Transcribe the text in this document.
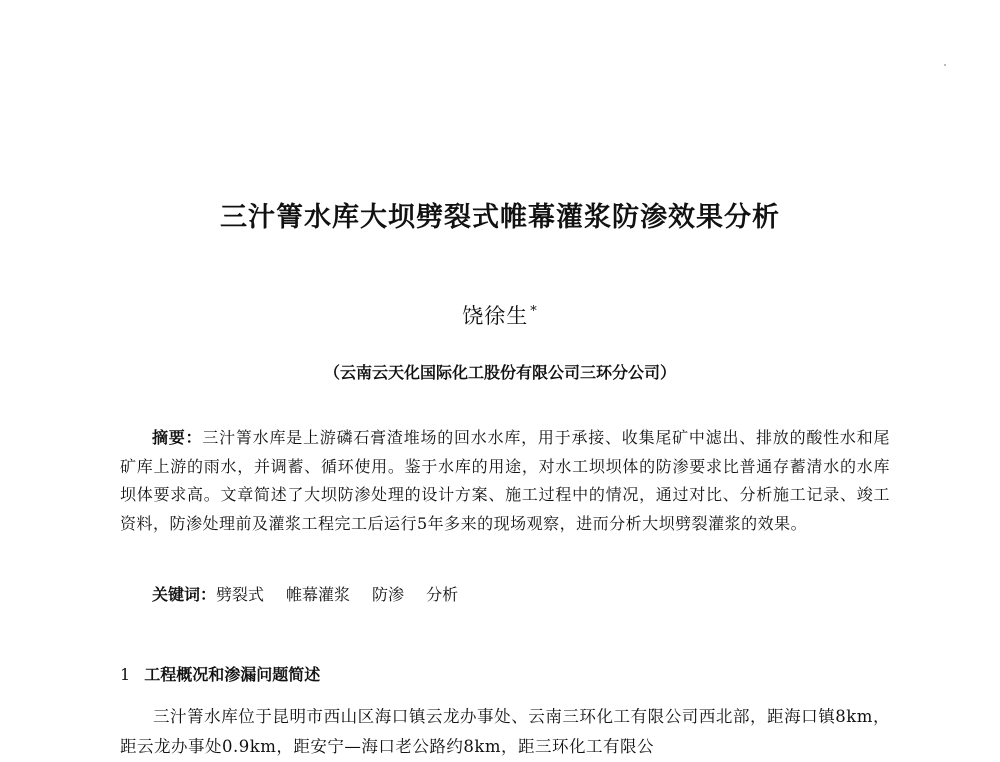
三汁箐水库大坝劈裂式帷幕灌浆防渗效果分析
饶徐生 *
（云南云天化国际化工股份有限公司三环分公司）
摘要：三汁箐水库是上游磷石膏渣堆场的回水水库，用于承接、收集尾矿中滤出、排放的酸性水和尾矿库上游的雨水，并调蓄、循环使用。鉴于水库的用途，对水工坝坝体的防渗要求比普通存蓄清水的水库坝体要求高。文章简述了大坝防渗处理的设计方案、施工过程中的情况，通过对比、分析施工记录、竣工资料，防渗处理前及灌浆工程完工后运行5年多来的现场观察，进而分析大坝劈裂灌浆的效果。
关键词：劈裂式 帷幕灌浆 防渗 分析
1 工程概况和渗漏问题简述
三汁箐水库位于昆明市西山区海口镇云龙办事处、云南三环化工有限公司西北部，距海口镇8km，距云龙办事处0.9km，距安宁—海口老公路约8km，距三环化工有限公
